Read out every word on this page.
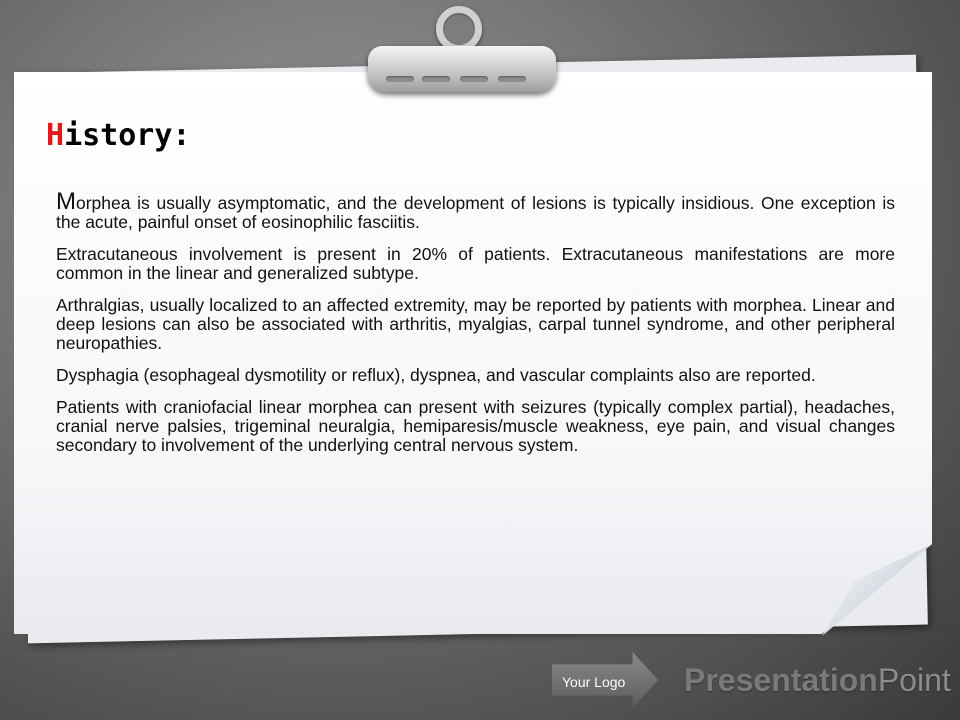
History:

Morphea is usually asymptomatic, and the development of lesions is typically insidious. One exception is the acute, painful onset of eosinophilic fasciitis.

Extracutaneous involvement is present in 20% of patients. Extracutaneous manifestations are more common in the linear and generalized subtype.

Arthralgias, usually localized to an affected extremity, may be reported by patients with morphea. Linear and deep lesions can also be associated with arthritis, myalgias, carpal tunnel syndrome, and other peripheral neuropathies.

Dysphagia (esophageal dysmotility or reflux), dyspnea, and vascular complaints also are reported.

Patients with craniofacial linear morphea can present with seizures (typically complex partial), headaches, cranial nerve palsies, trigeminal neuralgia, hemiparesis/muscle weakness, eye pain, and visual changes secondary to involvement of the underlying central nervous system.

Your Logo PresentationPoint
